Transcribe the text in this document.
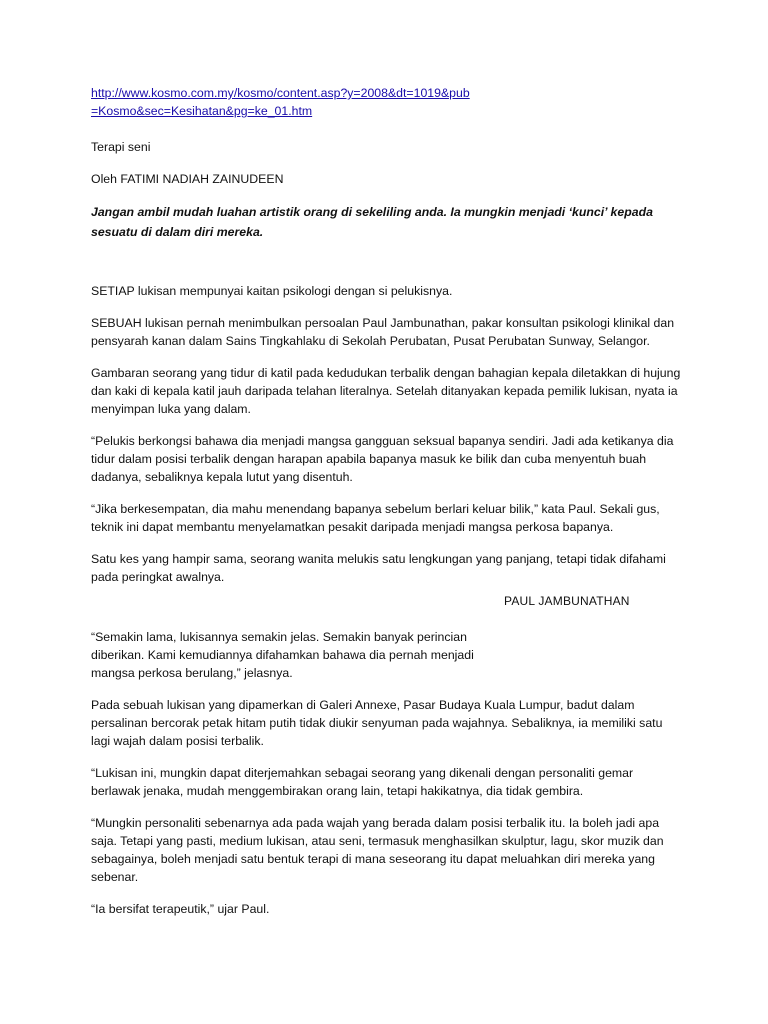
http://www.kosmo.com.my/kosmo/content.asp?y=2008&dt=1019&pub=Kosmo&sec=Kesihatan&pg=ke_01.htm

Terapi seni

Oleh FATIMI NADIAH ZAINUDEEN

Jangan ambil mudah luahan artistik orang di sekeliling anda. Ia mungkin menjadi ‘kunci’ kepada sesuatu di dalam diri mereka.

SETIAP lukisan mempunyai kaitan psikologi dengan si pelukisnya.

SEBUAH lukisan pernah menimbulkan persoalan Paul Jambunathan, pakar konsultan psikologi klinikal dan pensyarah kanan dalam Sains Tingkahlaku di Sekolah Perubatan, Pusat Perubatan Sunway, Selangor.

Gambaran seorang yang tidur di katil pada kedudukan terbalik dengan bahagian kepala diletakkan di hujung dan kaki di kepala katil jauh daripada telahan literalnya. Setelah ditanyakan kepada pemilik lukisan, nyata ia menyimpan luka yang dalam.

“Pelukis berkongsi bahawa dia menjadi mangsa gangguan seksual bapanya sendiri. Jadi ada ketikanya dia tidur dalam posisi terbalik dengan harapan apabila bapanya masuk ke bilik dan cuba menyentuh buah dadanya, sebaliknya kepala lutut yang disentuh.

“Jika berkesempatan, dia mahu menendang bapanya sebelum berlari keluar bilik,” kata Paul. Sekali gus, teknik ini dapat membantu menyelamatkan pesakit daripada menjadi mangsa perkosa bapanya.

Satu kes yang hampir sama, seorang wanita melukis satu lengkungan yang panjang, tetapi tidak difahami pada peringkat awalnya.

“Semakin lama, lukisannya semakin jelas. Semakin banyak perincian diberikan. Kami kemudiannya difahamkan bahawa dia pernah menjadi mangsa perkosa berulang,” jelasnya.

Pada sebuah lukisan yang dipamerkan di Galeri Annexe, Pasar Budaya Kuala Lumpur, badut dalam persalinan bercorak petak hitam putih tidak diukir senyuman pada wajahnya. Sebaliknya, ia memiliki satu lagi wajah dalam posisi terbalik.

“Lukisan ini, mungkin dapat diterjemahkan sebagai seorang yang dikenali dengan personaliti gemar berlawak jenaka, mudah menggembirakan orang lain, tetapi hakikatnya, dia tidak gembira.

“Mungkin personaliti sebenarnya ada pada wajah yang berada dalam posisi terbalik itu. Ia boleh jadi apa saja. Tetapi yang pasti, medium lukisan, atau seni, termasuk menghasilkan skulptur, lagu, skor muzik dan sebagainya, boleh menjadi satu bentuk terapi di mana seseorang itu dapat meluahkan diri mereka yang sebenar.

“Ia bersifat terapeutik,” ujar Paul.

PAUL JAMBUNATHAN
